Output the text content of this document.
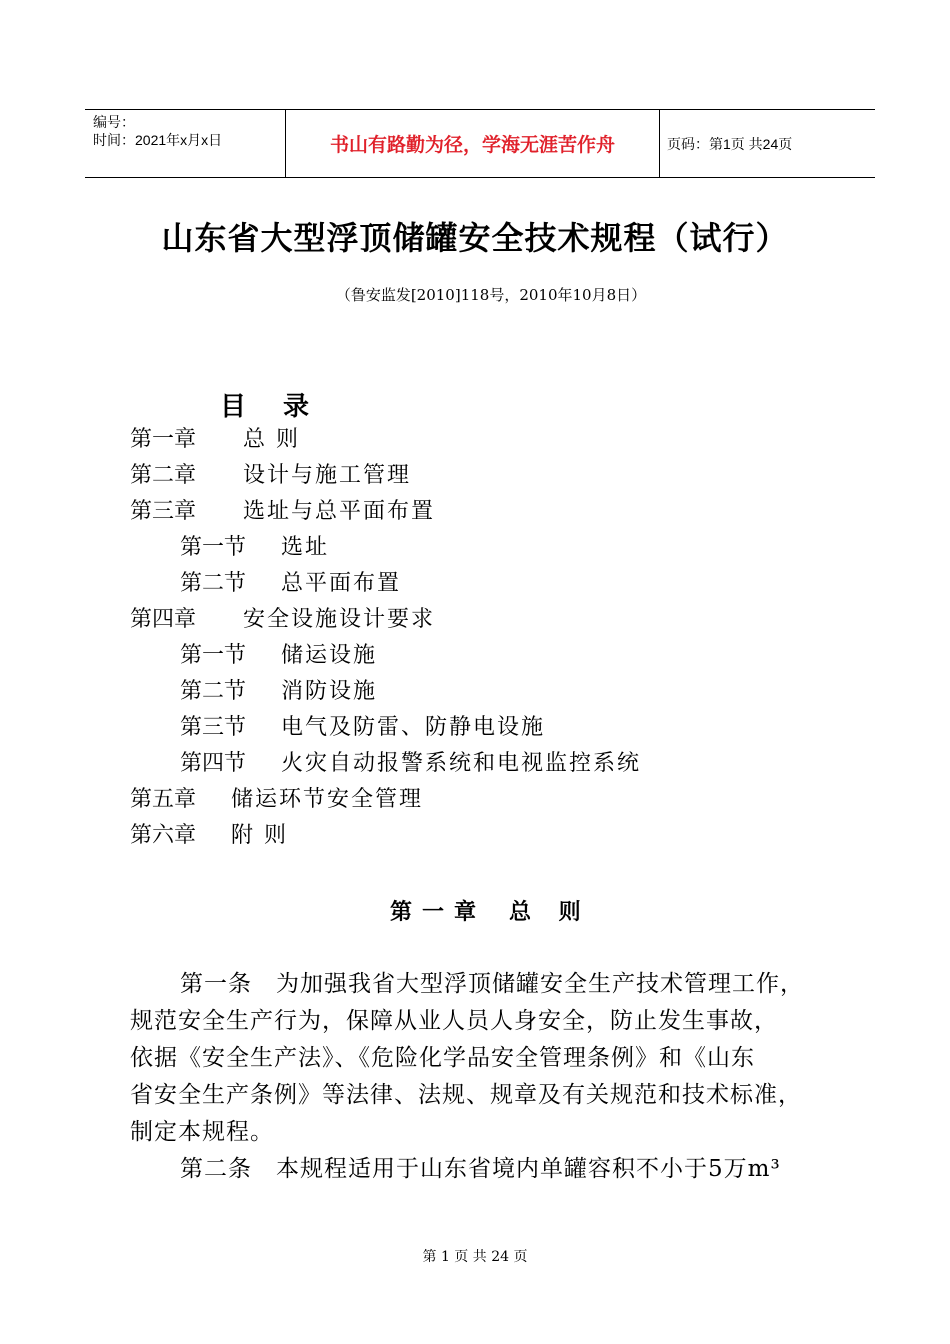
编号：
时间：2021年x月x日	书山有路勤为径，学海无涯苦作舟	页码：第1页 共24页
山东省大型浮顶储罐安全技术规程（试行）
（鲁安监发[2010]118号，2010年10月8日）
目 录
第一章 总 则
第二章 设计与施工管理
第三章 选址与总平面布置
第一节 选址
第二节 总平面布置
第四章 安全设施设计要求
第一节 储运设施
第二节 消防设施
第三节 电气及防雷、防静电设施
第四节 火灾自动报警系统和电视监控系统
第五章 储运环节安全管理
第六章 附 则
第一章 总 则
第一条　为加强我省大型浮顶储罐安全生产技术管理工作，
规范安全生产行为，保障从业人员人身安全，防止发生事故，
依据《安全生产法》、《危险化学品安全管理条例》和《山东
省安全生产条例》等法律、法规、规章及有关规范和技术标准，
制定本规程。
第二条　本规程适用于山东省境内单罐容积不小于5万m³
第 1 页 共 24 页
